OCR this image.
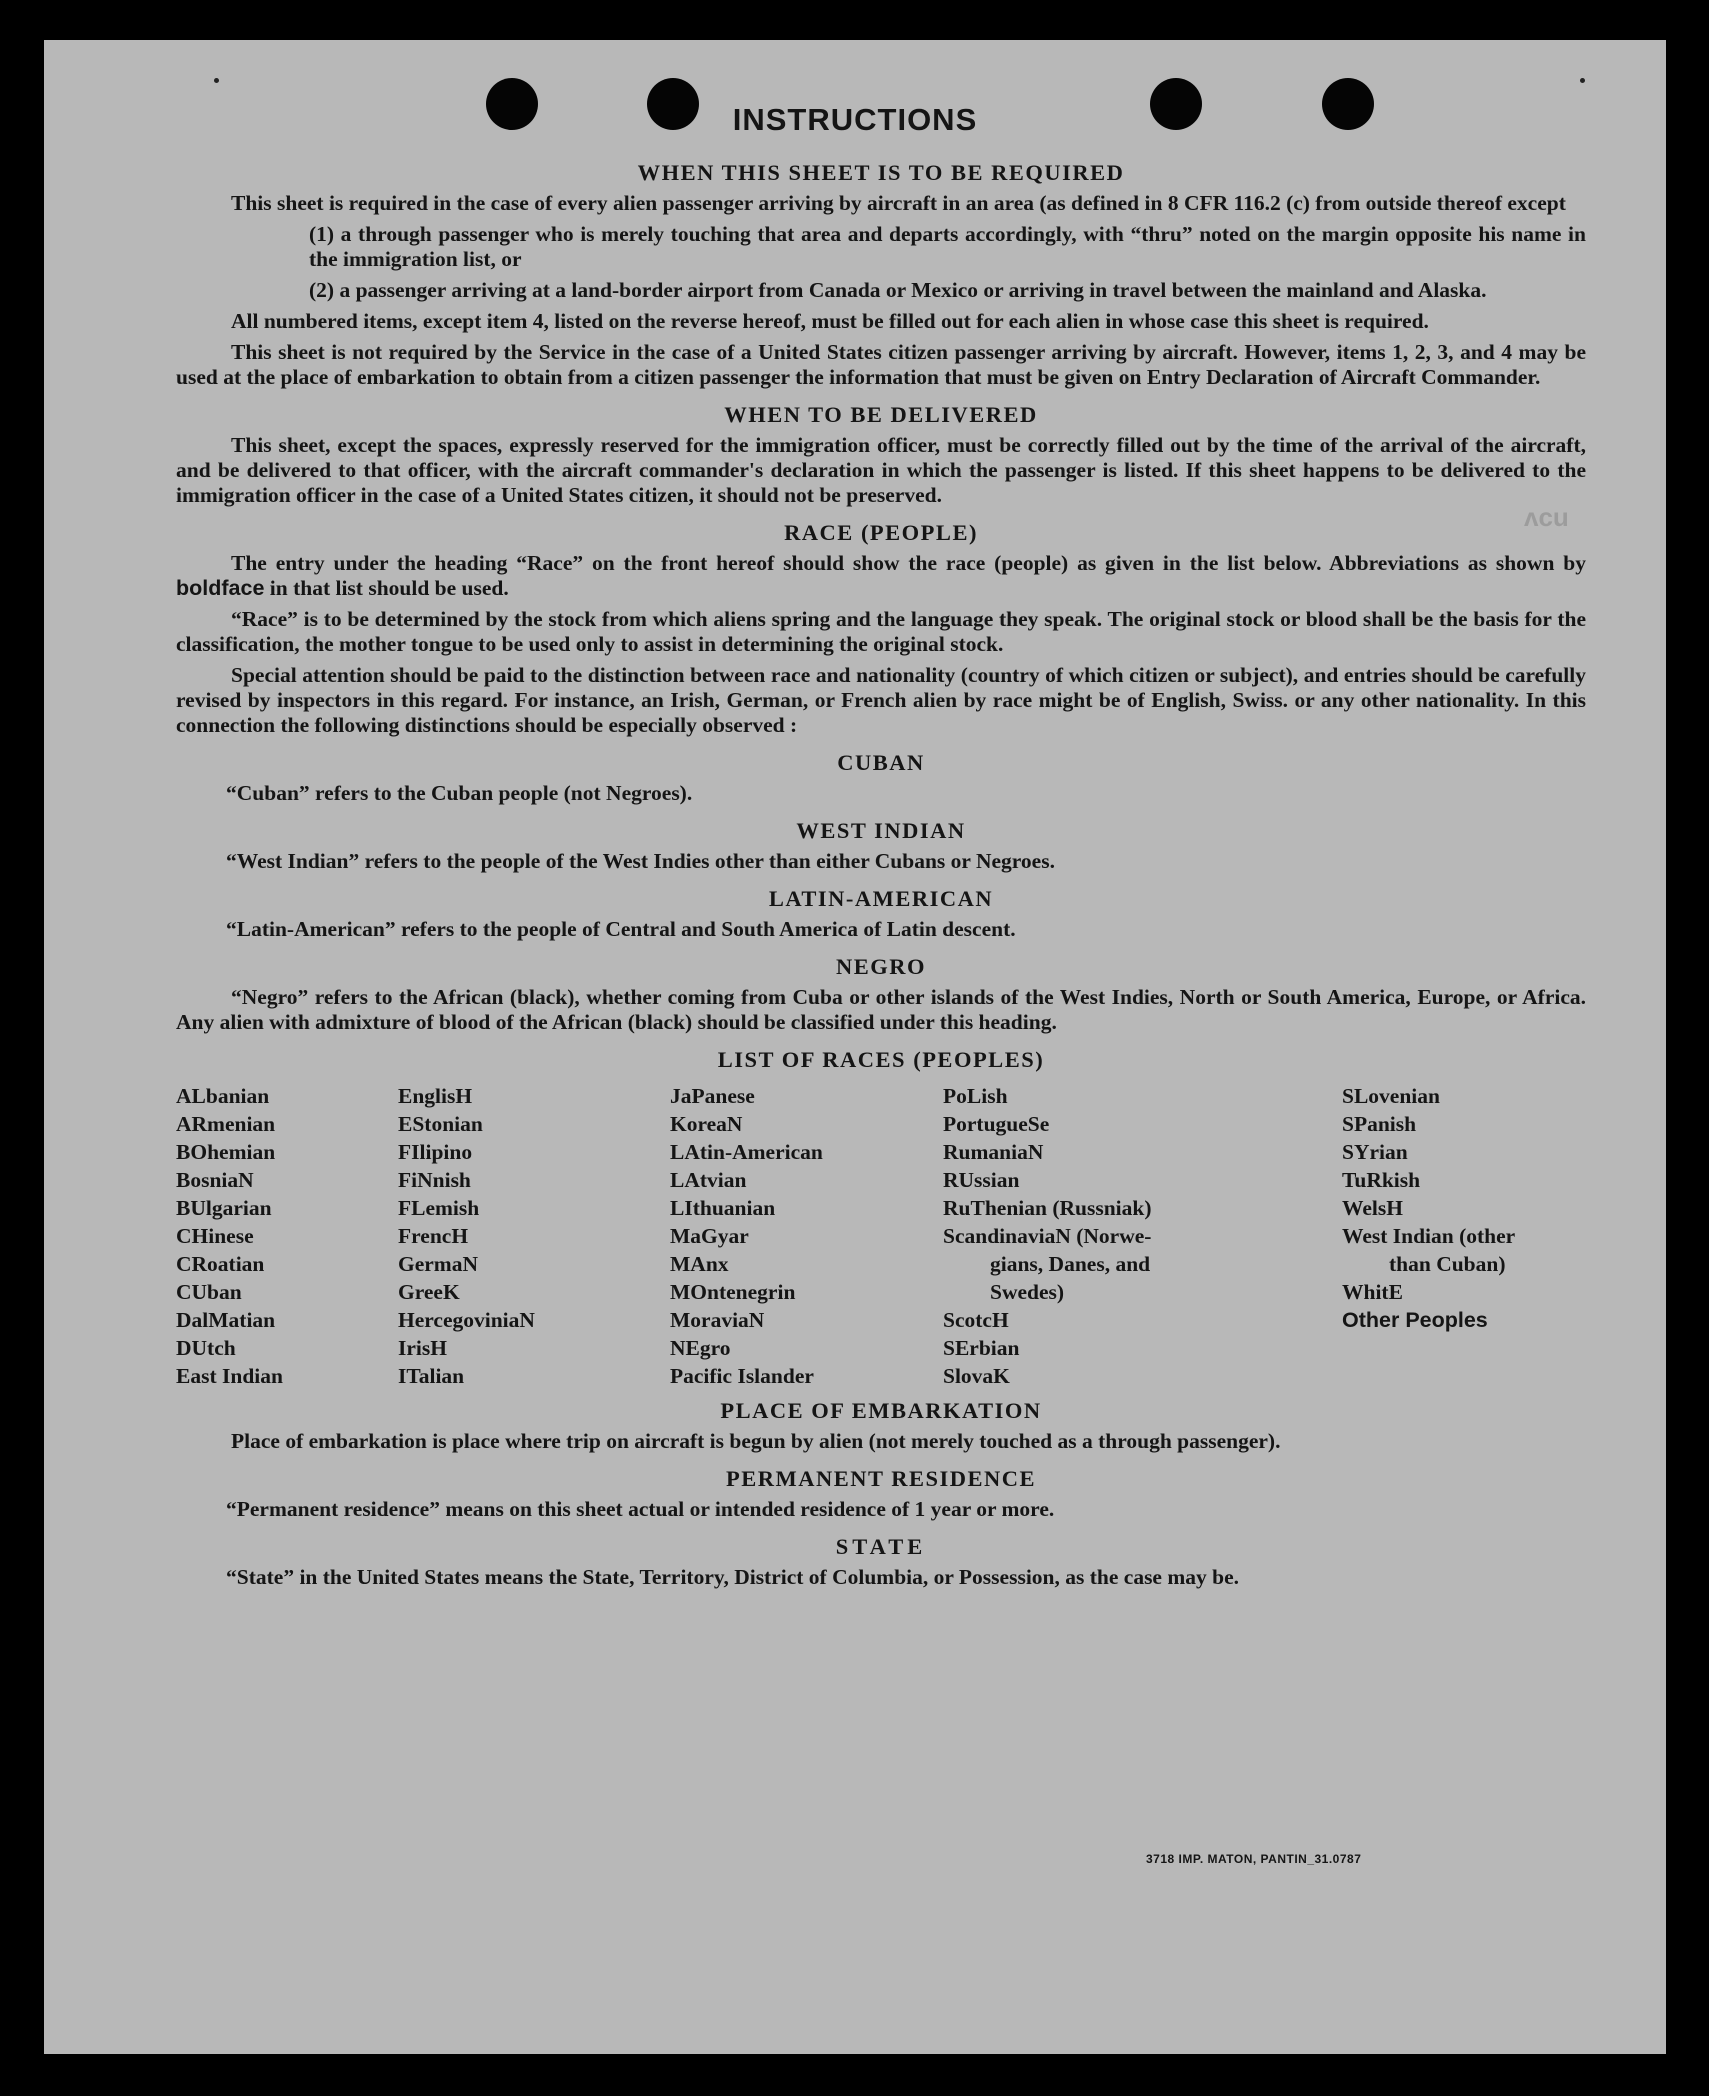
ʌcu
INSTRUCTIONS
WHEN THIS SHEET IS TO BE REQUIRED

This sheet is required in the case of every alien passenger arriving by aircraft in an area (as defined in 8 CFR 116.2 (c) from outside thereof except

(1) a through passenger who is merely touching that area and departs accordingly, with “thru” noted on the margin opposite his name in the immigration list, or

(2) a passenger arriving at a land-border airport from Canada or Mexico or arriving in travel between the mainland and Alaska.

All numbered items, except item 4, listed on the reverse hereof, must be filled out for each alien in whose case this sheet is required.

This sheet is not required by the Service in the case of a United States citizen passenger arriving by aircraft. However, items 1, 2, 3, and 4 may be used at the place of embarkation to obtain from a citizen passenger the information that must be given on Entry Declaration of Aircraft Commander.

WHEN TO BE DELIVERED

This sheet, except the spaces, expressly reserved for the immigration officer, must be correctly filled out by the time of the arrival of the aircraft, and be delivered to that officer, with the aircraft commander's declaration in which the passenger is listed. If this sheet happens to be delivered to the immigration officer in the case of a United States citizen, it should not be preserved.

RACE (PEOPLE)

The entry under the heading “Race” on the front hereof should show the race (people) as given in the list below. Abbreviations as shown by boldface in that list should be used.

“Race” is to be determined by the stock from which aliens spring and the language they speak. The original stock or blood shall be the basis for the classification, the mother tongue to be used only to assist in determining the original stock.

Special attention should be paid to the distinction between race and nationality (country of which citizen or subject), and entries should be carefully revised by inspectors in this regard. For instance, an Irish, German, or French alien by race might be of English, Swiss. or any other nationality. In this connection the following distinctions should be especially observed :

CUBAN

“Cuban” refers to the Cuban people (not Negroes).

WEST INDIAN

“West Indian” refers to the people of the West Indies other than either Cubans or Negroes.

LATIN-AMERICAN

“Latin-American” refers to the people of Central and South America of Latin descent.

NEGRO

“Negro” refers to the African (black), whether coming from Cuba or other islands of the West Indies, North or South America, Europe, or Africa. Any alien with admixture of blood of the African (black) should be classified under this heading.

LIST OF RACES (PEOPLES)
ALbanian
ARmenian
BOhemian
BosniaN
BUlgarian
CHinese
CRoatian
CUban
DalMatian
DUtch
East Indian
EnglisH
EStonian
FIlipino
FiNnish
FLemish
FrencH
GermaN
GreeK
HercegoviniaN
IrisH
ITalian
JaPanese
KoreaN
LAtin-American
LAtvian
LIthuanian
MaGyar
MAnx
MOntenegrin
MoraviaN
NEgro
Pacific Islander
PoLish
PortugueSe
RumaniaN
RUssian
RuThenian (Russniak)
ScandinaviaN (Norwe-
gians, Danes, and
Swedes)
ScotcH
SErbian
SlovaK
SLovenian
SPanish
SYrian
TuRkish
WelsH
West Indian (other
than Cuban)
WhitE
Other Peoples
PLACE OF EMBARKATION

Place of embarkation is place where trip on aircraft is begun by alien (not merely touched as a through passenger).

PERMANENT RESIDENCE

“Permanent residence” means on this sheet actual or intended residence of 1 year or more.

STATE

“State” in the United States means the State, Territory, District of Columbia, or Possession, as the case may be.

3718 IMP. MATON, PANTIN_31.0787
